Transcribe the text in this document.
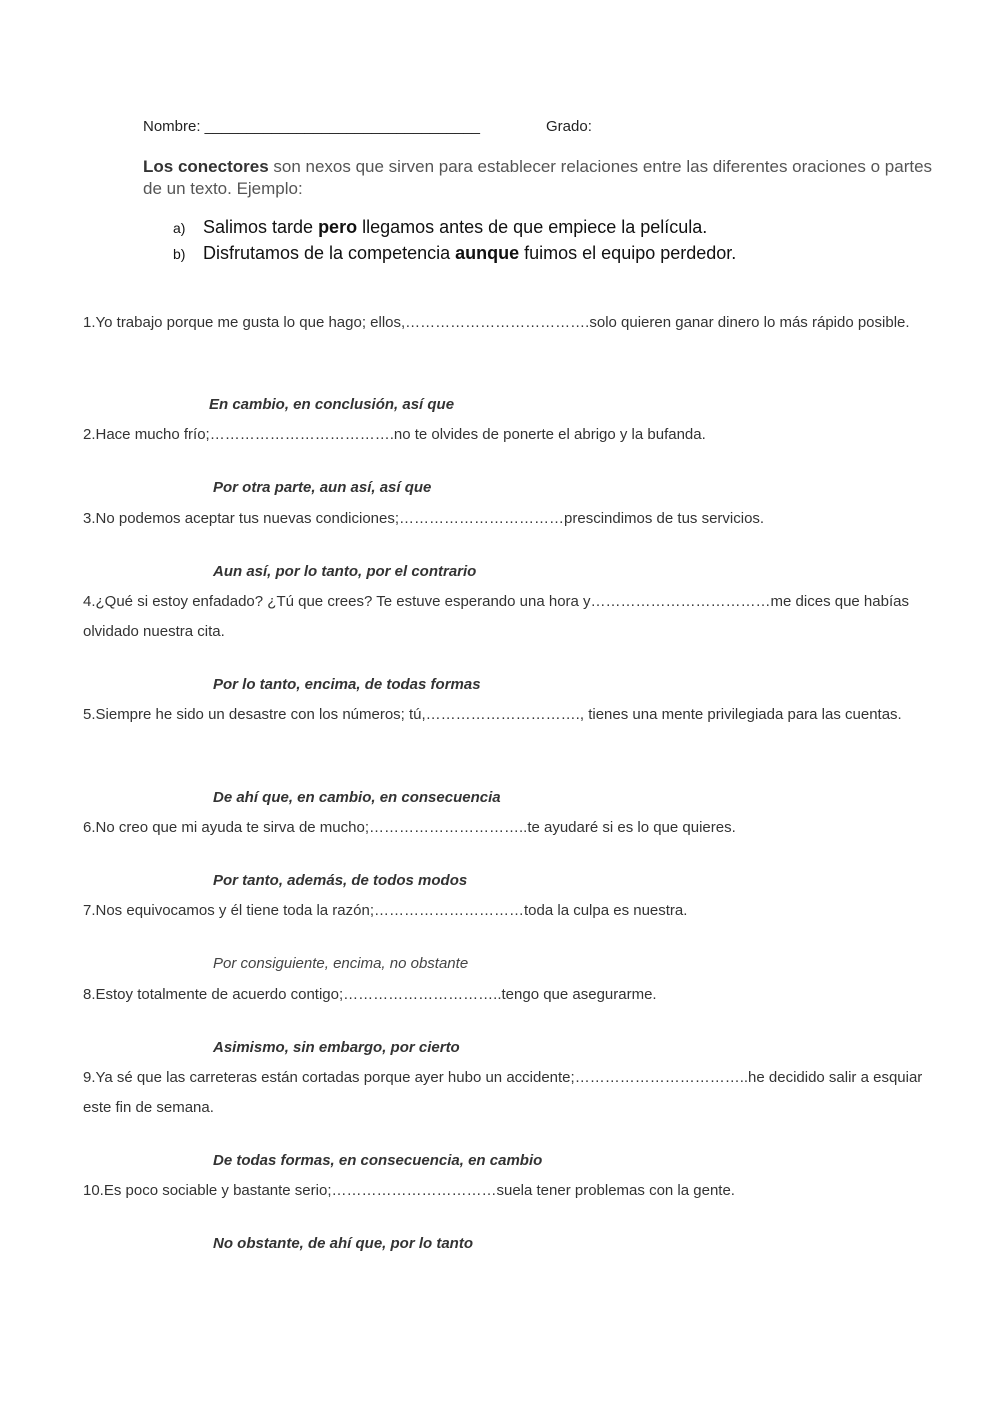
Nombre: _________________________________	Grado:
Los conectores son nexos que sirven para establecer relaciones entre las diferentes oraciones o partes de un texto. Ejemplo:
a) Salimos tarde pero llegamos antes de que empiece la película.
b) Disfrutamos de la competencia aunque fuimos el equipo perdedor.
1.Yo trabajo porque me gusta lo que hago; ellos,……………………………….solo quieren ganar dinero lo más rápido posible.
En cambio, en conclusión, así que
2.Hace mucho frío;……………………………….no te olvides de ponerte el abrigo y la bufanda.
Por otra parte, aun así, así que
3.No podemos aceptar tus nuevas condiciones;……………………………prescindimos de tus servicios.
Aun así, por lo tanto, por el contrario
4.¿Qué si estoy enfadado? ¿Tú que crees? Te estuve esperando una hora y………………………………me dices que habías olvidado nuestra cita.
Por lo tanto, encima, de todas formas
5.Siempre he sido un desastre con los números; tú,…………………………., tienes una mente privilegiada para las cuentas.
De ahí que, en cambio, en consecuencia
6.No creo que mi ayuda te sirva de mucho;…………………………..te ayudaré si es lo que quieres.
Por tanto, además, de todos modos
7.Nos equivocamos y él tiene toda la razón;…………………………toda la culpa es nuestra.
Por consiguiente, encima, no obstante
8.Estoy totalmente de acuerdo contigo;…………………………..tengo que asegurarme.
Asimismo, sin embargo, por cierto
9.Ya sé que las carreteras están cortadas porque ayer hubo un accidente;……………………………..he decidido salir a esquiar este fin de semana.
De todas formas, en consecuencia, en cambio
10.Es poco sociable y bastante serio;……………………………suela tener problemas con la gente.
No obstante, de ahí que, por lo tanto
